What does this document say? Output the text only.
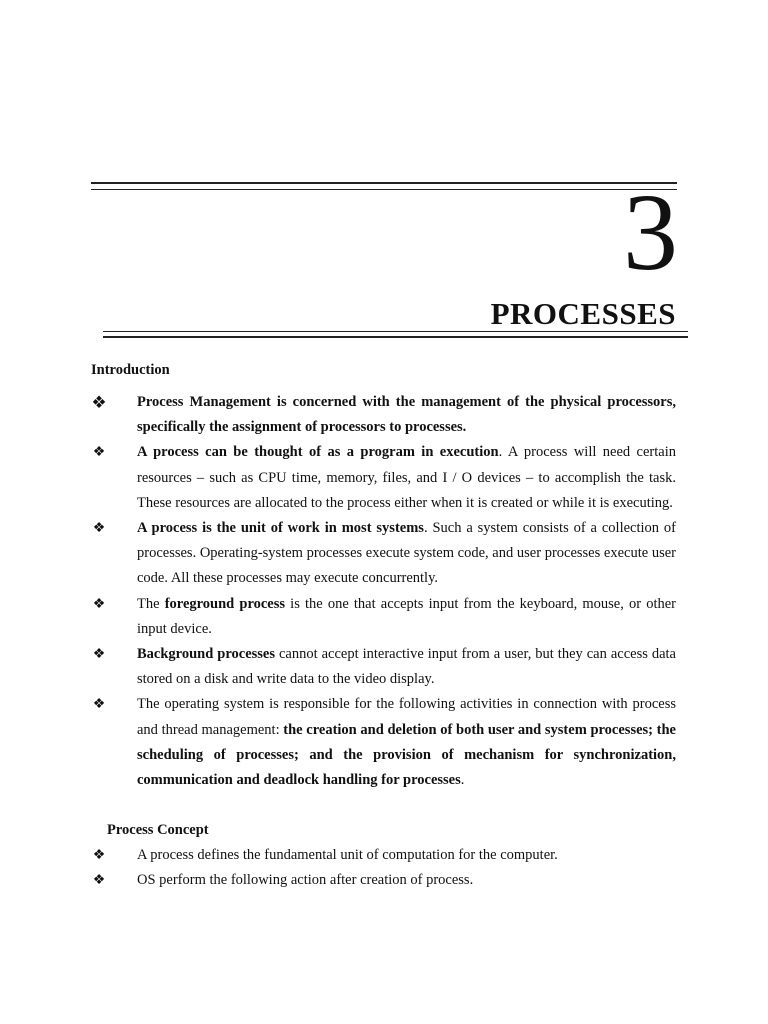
3
PROCESSES
Introduction
❖ Process Management is concerned with the management of the physical processors, specifically the assignment of processors to processes.
❖ A process can be thought of as a program in execution. A process will need certain resources – such as CPU time, memory, files, and I / O devices – to accomplish the task. These resources are allocated to the process either when it is created or while it is executing.
❖ A process is the unit of work in most systems. Such a system consists of a collection of processes. Operating-system processes execute system code, and user processes execute user code. All these processes may execute concurrently.
❖ The foreground process is the one that accepts input from the keyboard, mouse, or other input device.
❖ Background processes cannot accept interactive input from a user, but they can access data stored on a disk and write data to the video display.
❖ The operating system is responsible for the following activities in connection with process and thread management: the creation and deletion of both user and system processes; the scheduling of processes; and the provision of mechanism for synchronization, communication and deadlock handling for processes.
Process Concept
❖ A process defines the fundamental unit of computation for the computer.
❖ OS perform the following action after creation of process.
